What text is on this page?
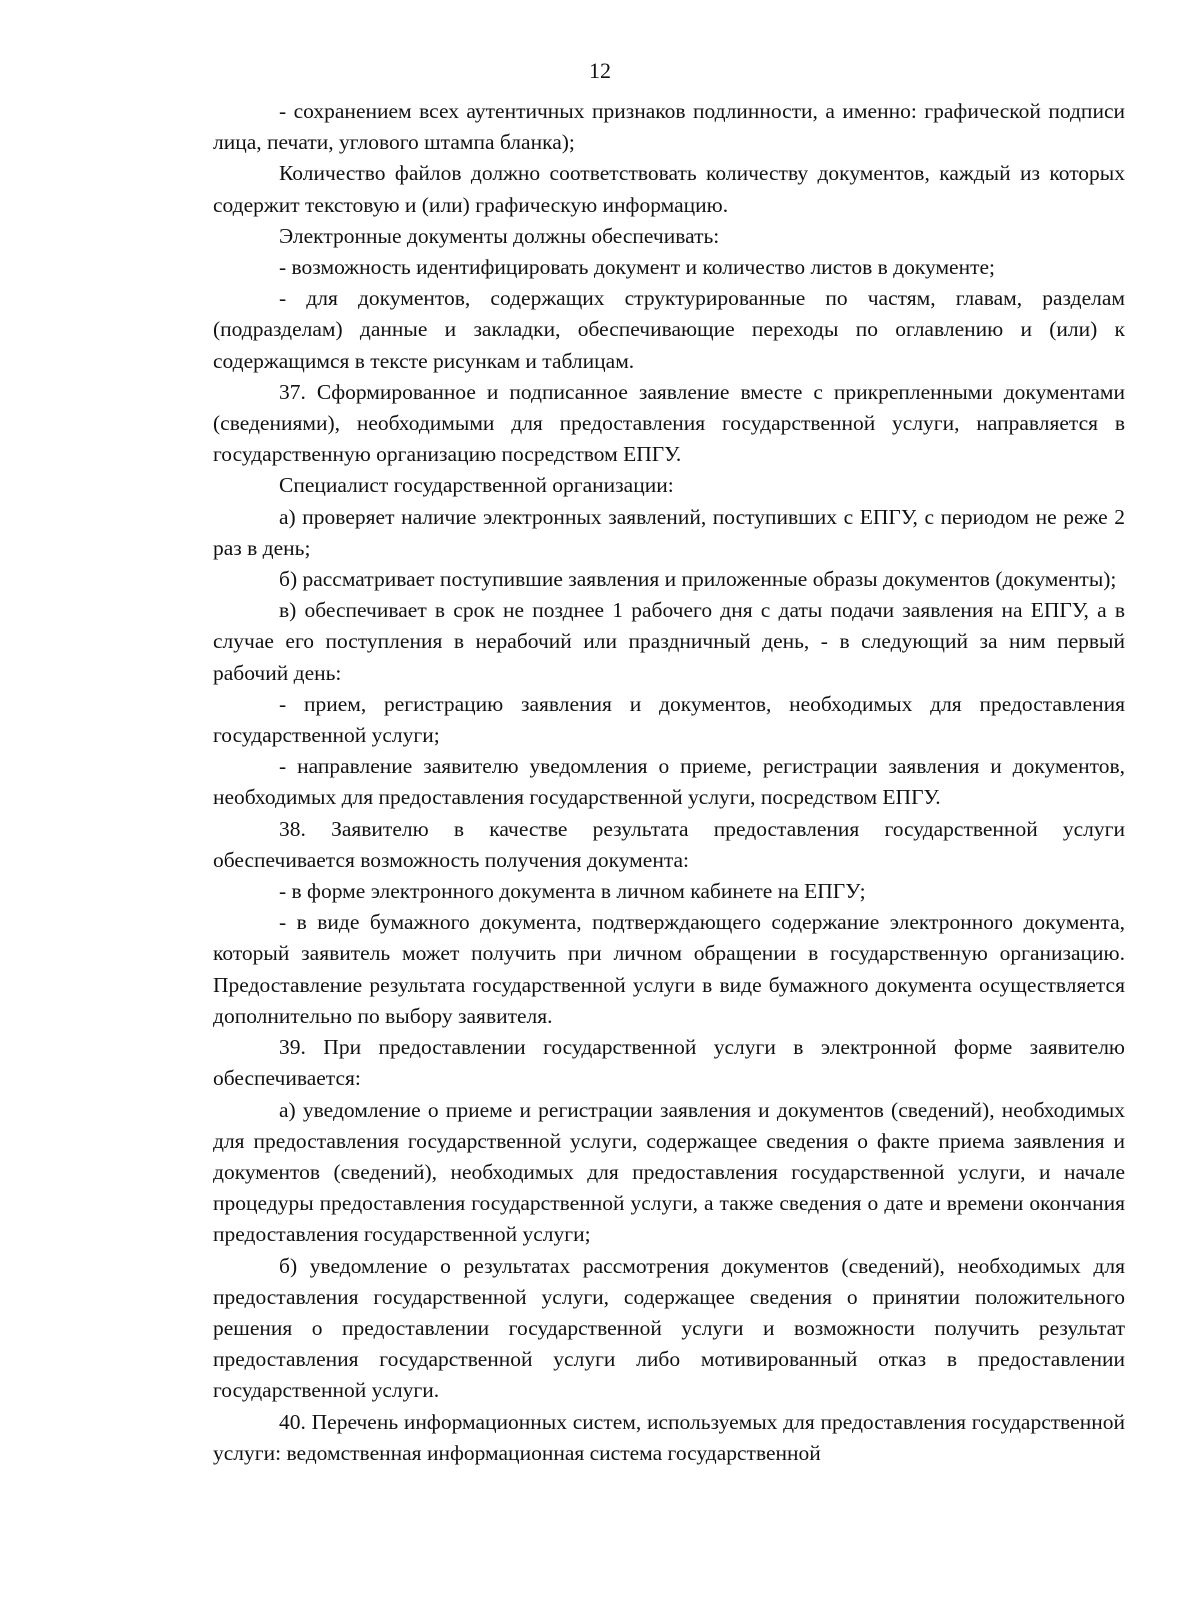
12

- сохранением всех аутентичных признаков подлинности, а именно: графической подписи лица, печати, углового штампа бланка);

Количество файлов должно соответствовать количеству документов, каждый из которых содержит текстовую и (или) графическую информацию.

Электронные документы должны обеспечивать:

- возможность идентифицировать документ и количество листов в документе;

- для документов, содержащих структурированные по частям, главам, разделам (подразделам) данные и закладки, обеспечивающие переходы по оглавлению и (или) к содержащимся в тексте рисункам и таблицам.

37. Сформированное и подписанное заявление вместе с прикрепленными документами (сведениями), необходимыми для предоставления государственной услуги, направляется в государственную организацию посредством ЕПГУ.

Специалист государственной организации:

а) проверяет наличие электронных заявлений, поступивших с ЕПГУ, с периодом не реже 2 раз в день;

б) рассматривает поступившие заявления и приложенные образы документов (документы);

в) обеспечивает в срок не позднее 1 рабочего дня с даты подачи заявления на ЕПГУ, а в случае его поступления в нерабочий или праздничный день, - в следующий за ним первый рабочий день:

- прием, регистрацию заявления и документов, необходимых для предоставления государственной услуги;

- направление заявителю уведомления о приеме, регистрации заявления и документов, необходимых для предоставления государственной услуги, посредством ЕПГУ.

38. Заявителю в качестве результата предоставления государственной услуги обеспечивается возможность получения документа:

- в форме электронного документа в личном кабинете на ЕПГУ;

- в виде бумажного документа, подтверждающего содержание электронного документа, который заявитель может получить при личном обращении в государственную организацию. Предоставление результата государственной услуги в виде бумажного документа осуществляется дополнительно по выбору заявителя.

39. При предоставлении государственной услуги в электронной форме заявителю обеспечивается:

а) уведомление о приеме и регистрации заявления и документов (сведений), необходимых для предоставления государственной услуги, содержащее сведения о факте приема заявления и документов (сведений), необходимых для предоставления государственной услуги, и начале процедуры предоставления государственной услуги, а также сведения о дате и времени окончания предоставления государственной услуги;

б) уведомление о результатах рассмотрения документов (сведений), необходимых для предоставления государственной услуги, содержащее сведения о принятии положительного решения о предоставлении государственной услуги и возможности получить результат предоставления государственной услуги либо мотивированный отказ в предоставлении государственной услуги.

40. Перечень информационных систем, используемых для предоставления государственной услуги: ведомственная информационная система государственной
